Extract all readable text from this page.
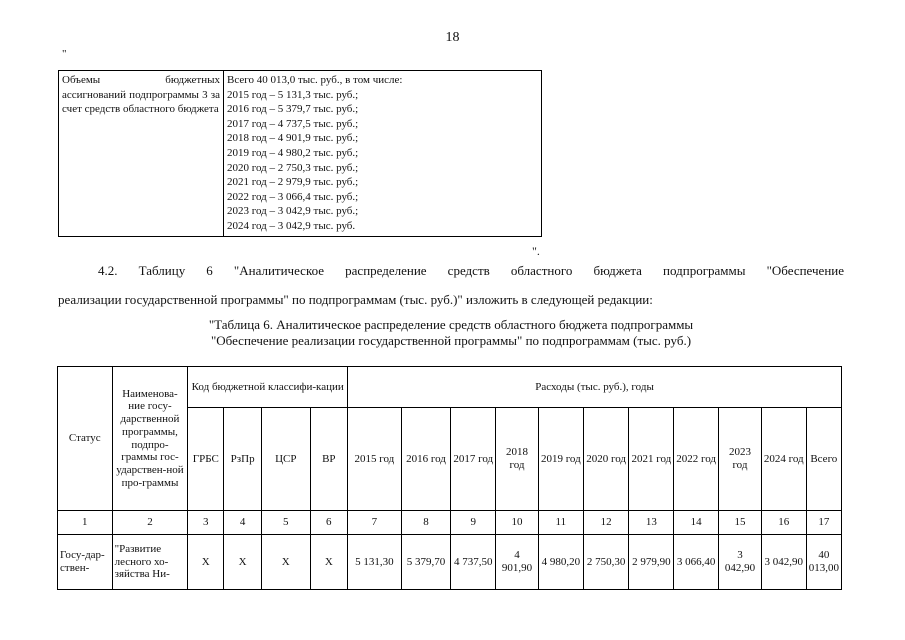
18
"
Объемы бюджетных ассигнований подпрограммы 3 за счет средств областного бюджета	
Всего 40 013,0 тыс. руб., в том числе:
2015 год – 5 131,3 тыс. руб.;
2016 год – 5 379,7 тыс. руб.;
2017 год – 4 737,5 тыс. руб.;
2018 год – 4 901,9 тыс. руб.;
2019 год – 4 980,2 тыс. руб.;
2020 год – 2 750,3 тыс. руб.;
2021 год – 2 979,9 тыс. руб.;
2022 год – 3 066,4 тыс. руб.;
2023 год – 3 042,9 тыс. руб.;
2024 год – 3 042,9 тыс. руб.
".
4.2. Таблицу 6 "Аналитическое распределение средств областного бюджета подпрограммы "Обеспечение
реализации государственной программы" по подпрограммам (тыс. руб.)" изложить в следующей редакции:
"Таблица 6. Аналитическое распределение средств областного бюджета подпрограммы
"Обеспечение реализации государственной программы" по подпрограммам (тыс. руб.)
Статус	Наименова-ние госу-дарственной программы, подпро-граммы гос-ударствен-ной про-граммы	Код бюджетной классифи-кации				Расходы (тыс. руб.), годы										
		ГРБС	РзПр	ЦСР	ВР	2015 год	2016 год	2017 год	2018 год	2019 год	2020 год	2021 год	2022 год	2023 год	2024 год	Всего
1	2	3	4	5	6	7	8	9	10	11	12	13	14	15	16	17
Госу-дар-ствен-	"Развитие лесного хо-зяйства Ни-	Х	Х	Х	Х	5 131,30	5 379,70	4 737,50	4 901,90	4 980,20	2 750,30	2 979,90	3 066,40	3 042,90	3 042,90	40 013,00
